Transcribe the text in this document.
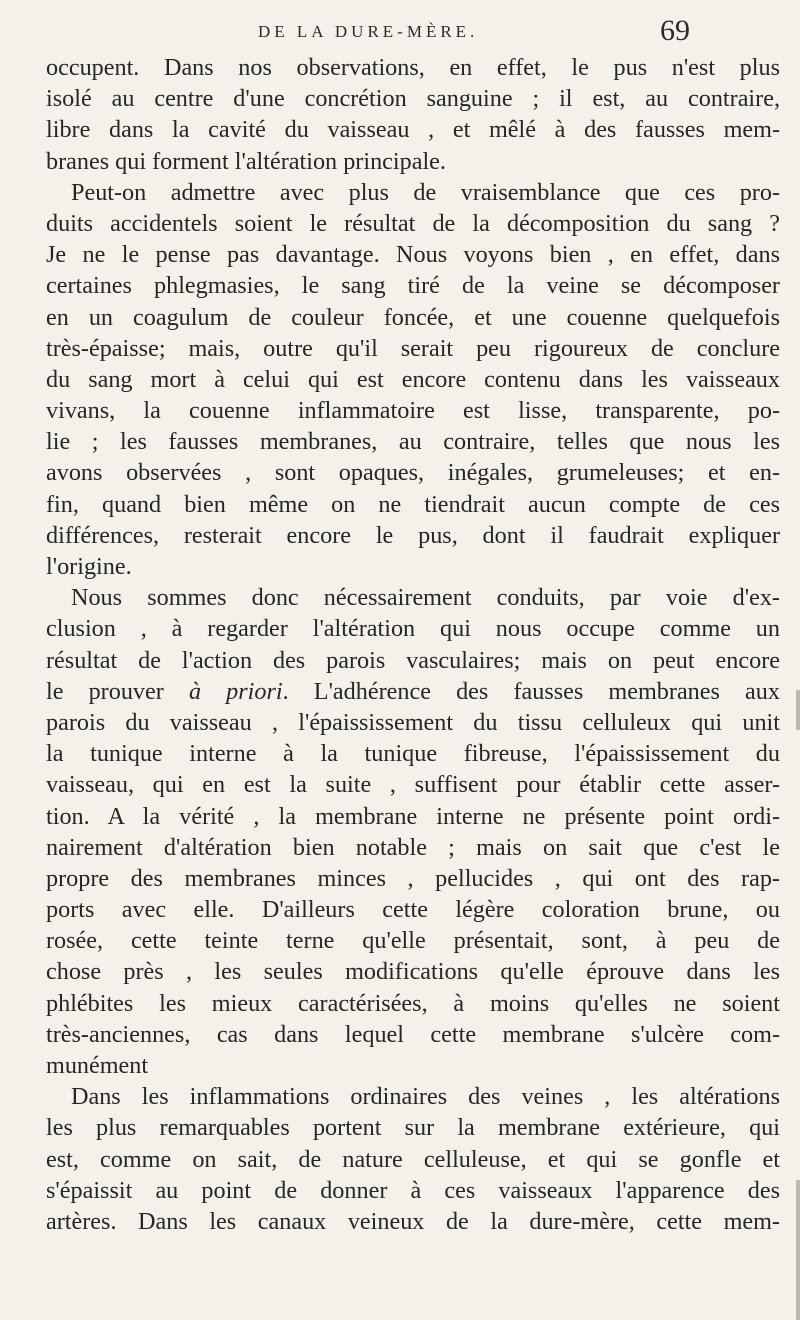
DE LA DURE-MÈRE.	69
occupent. Dans nos observations, en effet, le pus n'est plus
isolé au centre d'une concrétion sanguine ; il est, au contraire,
libre dans la cavité du vaisseau , et mêlé à des fausses mem-
branes qui forment l'altération principale.
Peut-on admettre avec plus de vraisemblance que ces pro-
duits accidentels soient le résultat de la décomposition du sang ?
Je ne le pense pas davantage. Nous voyons bien , en effet, dans
certaines phlegmasies, le sang tiré de la veine se décomposer
en un coagulum de couleur foncée, et une couenne quelquefois
très-épaisse; mais, outre qu'il serait peu rigoureux de conclure
du sang mort à celui qui est encore contenu dans les vaisseaux
vivans, la couenne inflammatoire est lisse, transparente, po-
lie ; les fausses membranes, au contraire, telles que nous les
avons observées , sont opaques, inégales, grumeleuses; et en-
fin, quand bien même on ne tiendrait aucun compte de ces
différences, resterait encore le pus, dont il faudrait expliquer
l'origine.
Nous sommes donc nécessairement conduits, par voie d'ex-
clusion , à regarder l'altération qui nous occupe comme un
résultat de l'action des parois vasculaires; mais on peut encore
le prouver à priori. L'adhérence des fausses membranes aux
parois du vaisseau , l'épaississement du tissu celluleux qui unit
la tunique interne à la tunique fibreuse, l'épaississement du
vaisseau, qui en est la suite , suffisent pour établir cette asser-
tion. A la vérité , la membrane interne ne présente point ordi-
nairement d'altération bien notable ; mais on sait que c'est le
propre des membranes minces , pellucides , qui ont des rap-
ports avec elle. D'ailleurs cette légère coloration brune, ou
rosée, cette teinte terne qu'elle présentait, sont, à peu de
chose près , les seules modifications qu'elle éprouve dans les
phlébites les mieux caractérisées, à moins qu'elles ne soient
très-anciennes, cas dans lequel cette membrane s'ulcère com-
munément
Dans les inflammations ordinaires des veines , les altérations
les plus remarquables portent sur la membrane extérieure, qui
est, comme on sait, de nature celluleuse, et qui se gonfle et
s'épaissit au point de donner à ces vaisseaux l'apparence des
artères. Dans les canaux veineux de la dure-mère, cette mem-
